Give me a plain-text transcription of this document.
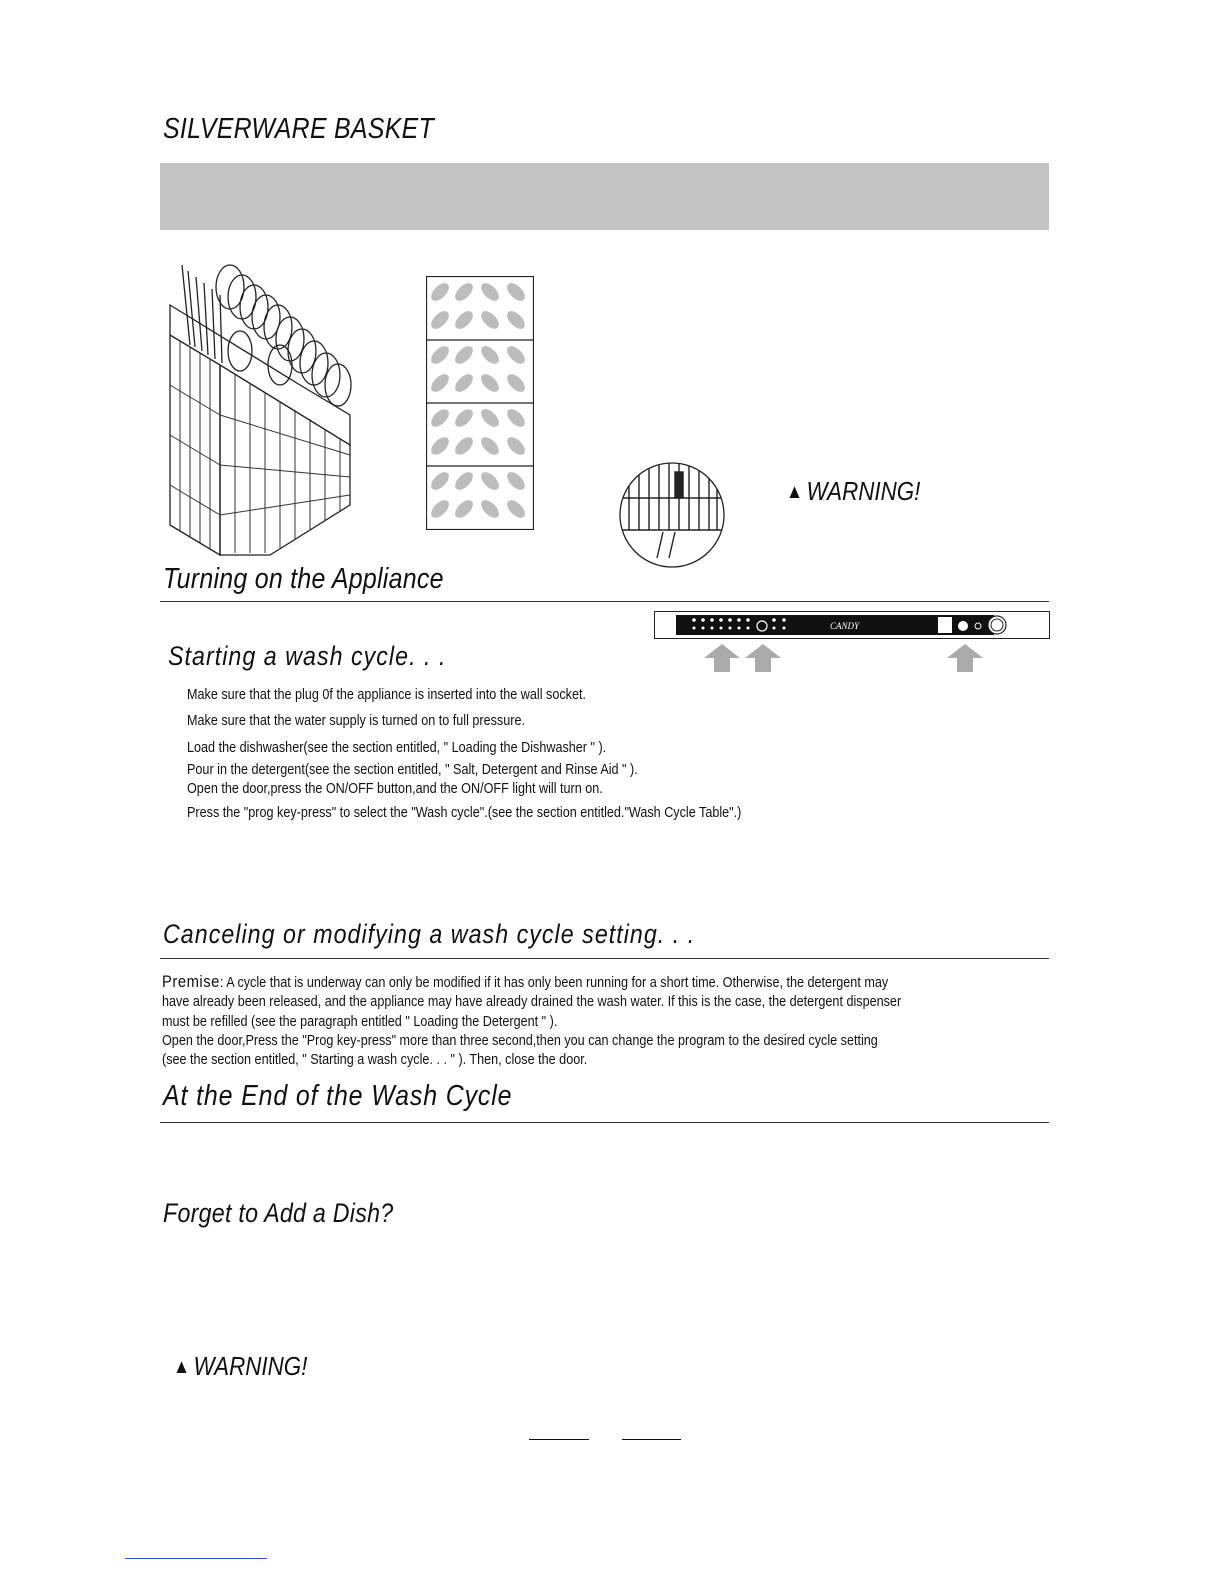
SILVERWARE BASKET
▲ WARNING!
Turning on the Appliance
CANDY
Starting a wash cycle. . .
Make sure that the plug 0f the appliance is inserted into the wall socket.
Make sure that the water supply is turned on to full pressure.
Load the dishwasher(see the section entitled, " Loading the Dishwasher " ).
Pour in the detergent(see the section entitled, " Salt, Detergent and Rinse Aid " ).
Open the door,press the ON/OFF button,and the ON/OFF light will turn on.
Press the "prog key-press" to select the "Wash cycle".(see the section entitled."Wash Cycle Table".)
Canceling or modifying a wash cycle setting. . .
Premise: A cycle that is underway can only be modified if it has only been running for a short time. Otherwise, the detergent may
have already been released, and the appliance may have already drained the wash water. If this is the case, the detergent dispenser
must be refilled (see the paragraph entitled " Loading the Detergent " ).
Open the door,Press the "Prog key-press" more than three second,then you can change the program to the desired cycle setting
(see the section entitled, " Starting a wash cycle. . . " ). Then, close the door.
At the End of the Wash Cycle
Forget to Add a Dish?
▲ WARNING!
